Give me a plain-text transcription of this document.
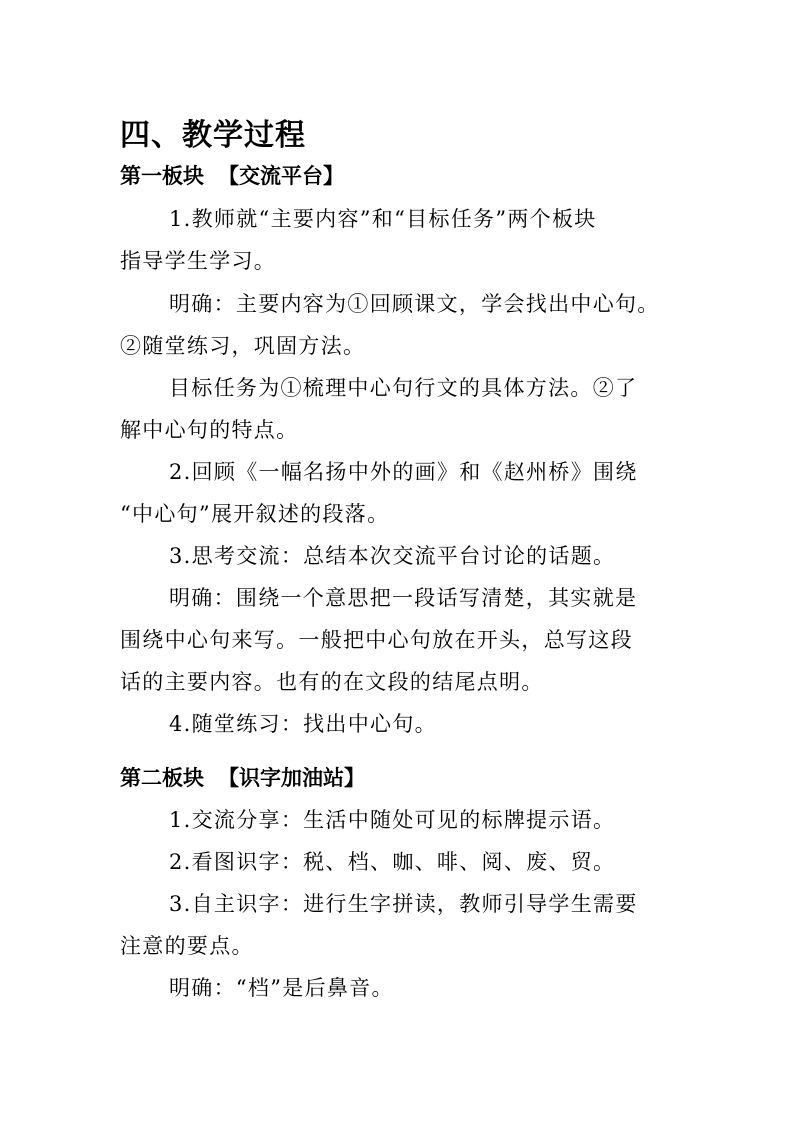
四、教学过程
第一板块 【交流平台】
1.教师就“主要内容”和“目标任务”两个板块
指导学生学习。
明确：主要内容为①回顾课文，学会找出中心句。
②随堂练习，巩固方法。
目标任务为①梳理中心句行文的具体方法。②了
解中心句的特点。
2.回顾《一幅名扬中外的画》和《赵州桥》围绕
“中心句”展开叙述的段落。
3.思考交流：总结本次交流平台讨论的话题。
明确：围绕一个意思把一段话写清楚，其实就是
围绕中心句来写。一般把中心句放在开头，总写这段
话的主要内容。也有的在文段的结尾点明。
4.随堂练习：找出中心句。
第二板块 【识字加油站】
1.交流分享：生活中随处可见的标牌提示语。
2.看图识字：税、档、咖、啡、阅、废、贸。
3.自主识字：进行生字拼读，教师引导学生需要
注意的要点。
明确：“档”是后鼻音。
